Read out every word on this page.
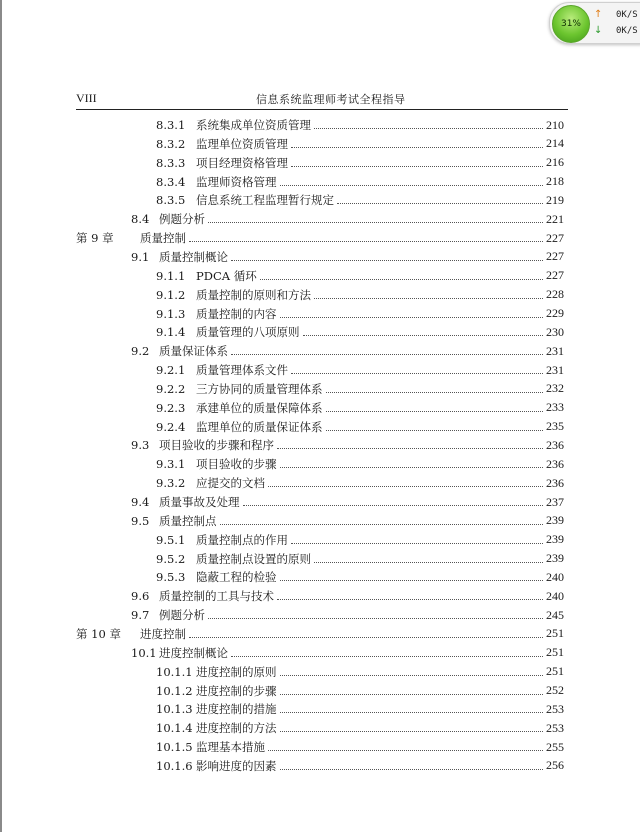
31%
↑ 0K/S
↓ 0K/S
VIII	信息系统监理师考试全程指导
8.3.1 系统集成单位资质管理	210
8.3.2 监理单位资质管理	214
8.3.3 项目经理资格管理	216
8.3.4 监理师资格管理	218
8.3.5 信息系统工程监理暂行规定	219
8.4 例题分析	221
第 9 章	质量控制	227
9.1 质量控制概论	227
9.1.1 PDCA 循环	227
9.1.2 质量控制的原则和方法	228
9.1.3 质量控制的内容	229
9.1.4 质量管理的八项原则	230
9.2 质量保证体系	231
9.2.1 质量管理体系文件	231
9.2.2 三方协同的质量管理体系	232
9.2.3 承建单位的质量保障体系	233
9.2.4 监理单位的质量保证体系	235
9.3 项目验收的步骤和程序	236
9.3.1 项目验收的步骤	236
9.3.2 应提交的文档	236
9.4 质量事故及处理	237
9.5 质量控制点	239
9.5.1 质量控制点的作用	239
9.5.2 质量控制点设置的原则	239
9.5.3 隐蔽工程的检验	240
9.6 质量控制的工具与技术	240
9.7 例题分析	245
第 10 章	进度控制	251
10.1 进度控制概论	251
10.1.1 进度控制的原则	251
10.1.2 进度控制的步骤	252
10.1.3 进度控制的措施	253
10.1.4 进度控制的方法	253
10.1.5 监理基本措施	255
10.1.6 影响进度的因素	256
